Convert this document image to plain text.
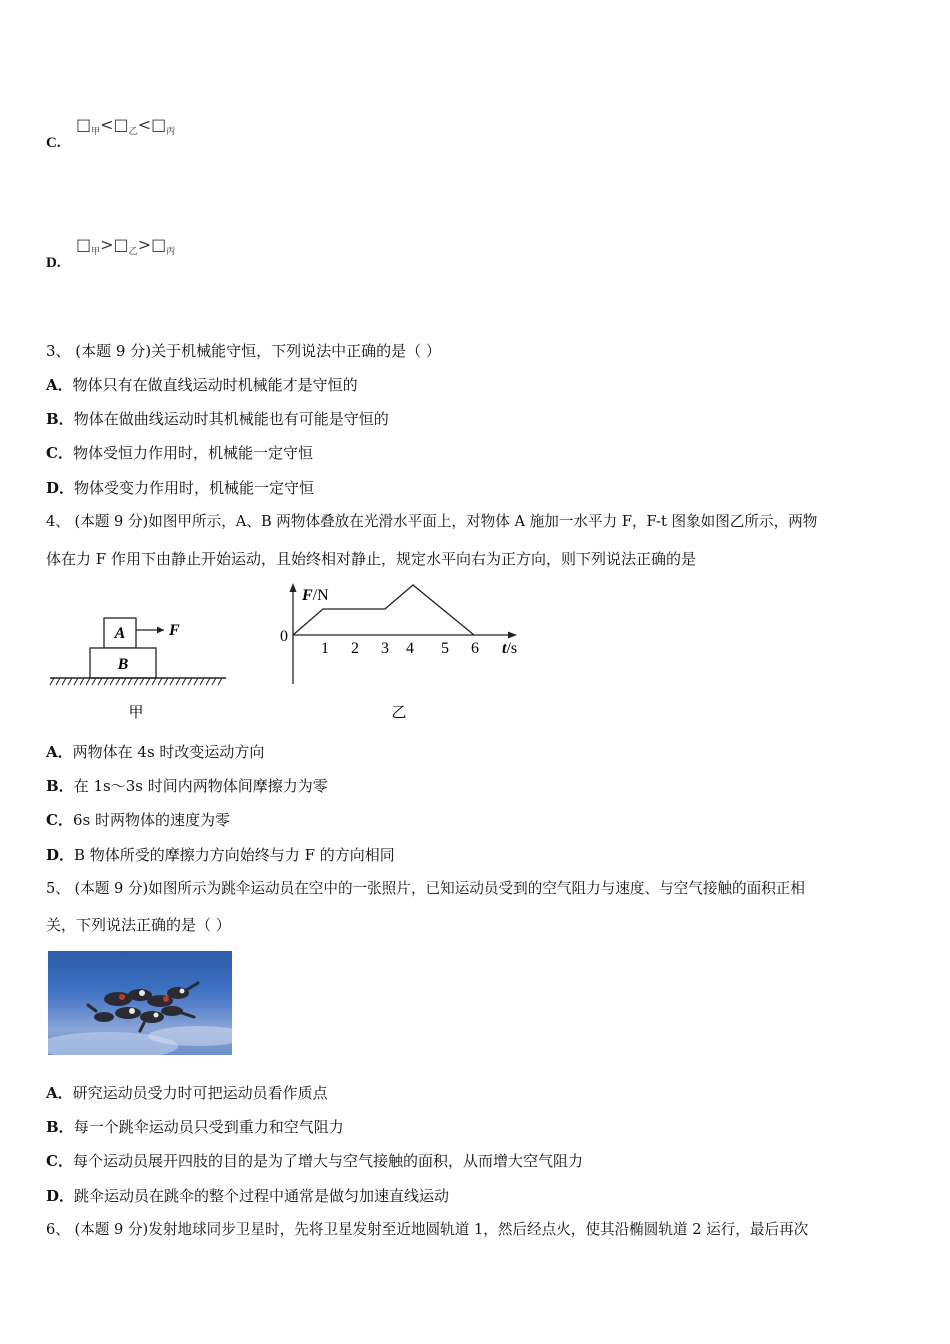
$□_甲<□_乙<□_丙$
C.
$□_甲>□_乙>□_丙$
D.
3、 (本题 9 分)关于机械能守恒，下列说法中正确的是（ ）
A．物体只有在做直线运动时机械能才是守恒的
B．物体在做曲线运动时其机械能也有可能是守恒的
C．物体受恒力作用时，机械能一定守恒
D．物体受变力作用时，机械能一定守恒
4、 (本题 9 分)如图甲所示，A、B 两物体叠放在光滑水平面上，对物体 A 施加一水平力 F，F-t 图象如图乙所示，两物
体在力 F 作用下由静止开始运动，且始终相对静止，规定水平向右为正方向，则下列说法正确的是
A
B
F
甲
F/N
t/s
0
1 2 3 4 5 6
乙
A．两物体在 4s 时改变运动方向
B．在 1s～3s 时间内两物体间摩擦力为零
C．6s 时两物体的速度为零
D．B 物体所受的摩擦力方向始终与力 F 的方向相同
5、 (本题 9 分)如图所示为跳伞运动员在空中的一张照片，已知运动员受到的空气阻力与速度、与空气接触的面积正相
关，下列说法正确的是（ ）
A．研究运动员受力时可把运动员看作质点
B．每一个跳伞运动员只受到重力和空气阻力
C．每个运动员展开四肢的目的是为了增大与空气接触的面积，从而增大空气阻力
D．跳伞运动员在跳伞的整个过程中通常是做匀加速直线运动
6、 (本题 9 分)发射地球同步卫星时，先将卫星发射至近地圆轨道 1，然后经点火，使其沿椭圆轨道 2 运行，最后再次
